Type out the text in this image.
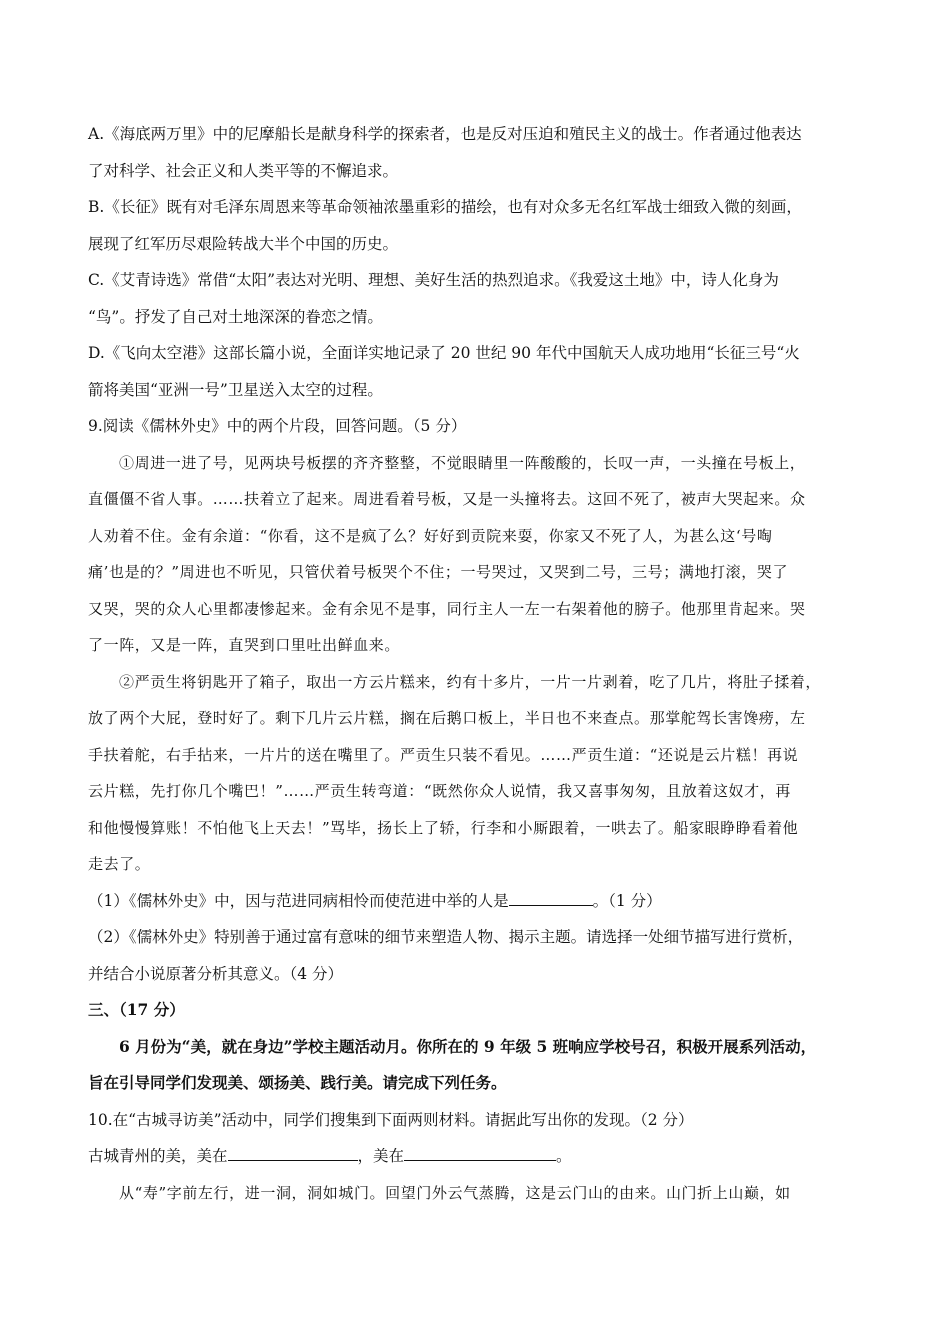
A.《海底两万里》中的尼摩船长是献身科学的探索者，也是反对压迫和殖民主义的战士。作者通过他表达
了对科学、社会正义和人类平等的不懈追求。
B.《长征》既有对毛泽东周恩来等革命领袖浓墨重彩的描绘，也有对众多无名红军战士细致入微的刻画，
展现了红军历尽艰险转战大半个中国的历史。
C.《艾青诗选》常借“太阳”表达对光明、理想、美好生活的热烈追求。《我爱这土地》中，诗人化身为
“鸟”。抒发了自己对土地深深的眷恋之情。
D.《飞向太空港》这部长篇小说，全面详实地记录了 20 世纪 90 年代中国航天人成功地用“长征三号“火
箭将美国“亚洲一号”卫星送入太空的过程。
9.阅读《儒林外史》中的两个片段，回答问题。（5 分）
①周进一进了号，见两块号板摆的齐齐整整，不觉眼睛里一阵酸酸的，长叹一声，一头撞在号板上，
直僵僵不省人事。……扶着立了起来。周进看着号板，又是一头撞将去。这回不死了，被声大哭起来。众
人劝着不住。金有余道：“你看，这不是疯了么？好好到贡院来耍，你家又不死了人，为甚么这‘号啕
痛’也是的？”周进也不听见，只管伏着号板哭个不住；一号哭过，又哭到二号，三号；满地打滚，哭了
又哭，哭的众人心里都凄惨起来。金有余见不是事，同行主人一左一右架着他的膀子。他那里肯起来。哭
了一阵，又是一阵，直哭到口里吐出鲜血来。
②严贡生将钥匙开了箱子，取出一方云片糕来，约有十多片，一片一片剥着，吃了几片，将肚子揉着，
放了两个大屁，登时好了。剩下几片云片糕，搁在后鹅口板上，半日也不来查点。那掌舵驾长害馋痨，左
手扶着舵，右手拈来，一片片的送在嘴里了。严贡生只装不看见。……严贡生道：“还说是云片糕！再说
云片糕，先打你几个嘴巴！”……严贡生转弯道：“既然你众人说情，我又喜事匆匆，且放着这奴才，再
和他慢慢算账！不怕他飞上天去！”骂毕，扬长上了轿，行李和小厮跟着，一哄去了。船家眼睁睁看着他
走去了。
（1）《儒林外史》中，因与范进同病相怜而使范进中举的人是	。（1 分）
（2）《儒林外史》特别善于通过富有意味的细节来塑造人物、揭示主题。请选择一处细节描写进行赏析，
并结合小说原著分析其意义。（4 分）
三、（17 分）
6 月份为“美，就在身边”学校主题活动月。你所在的 9 年级 5 班响应学校号召，积极开展系列活动，
旨在引导同学们发现美、颂扬美、践行美。请完成下列任务。
10.在“古城寻访美”活动中，同学们搜集到下面两则材料。请据此写出你的发现。（2 分）
古城青州的美，美在	，美在	。
从“寿”字前左行，进一洞，洞如城门。回望门外云气蒸腾，这是云门山的由来。山门折上山巅，如
